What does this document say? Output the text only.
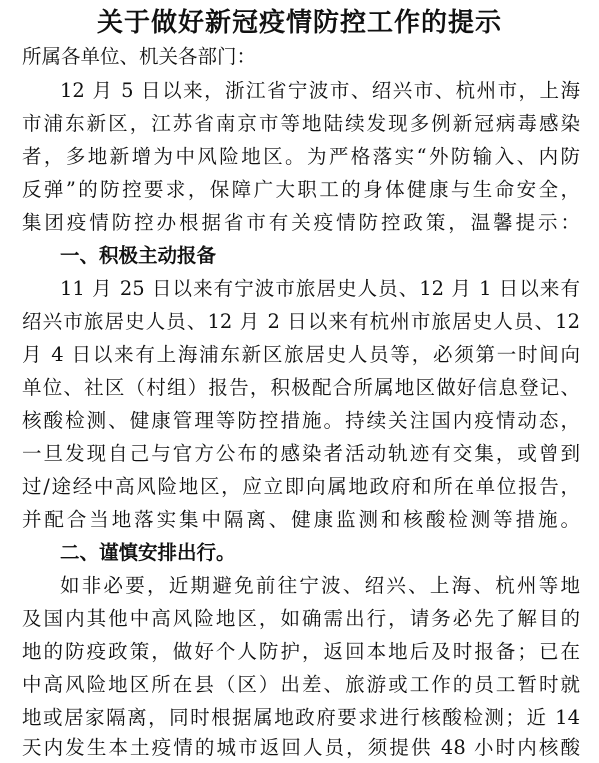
关于做好新冠疫情防控工作的提示
所属各单位、机关各部门：
12 月 5 日以来，浙江省宁波市、绍兴市、杭州市，上海
市浦东新区，江苏省南京市等地陆续发现多例新冠病毒感染
者，多地新增为中风险地区。为严格落实“外防输入、内防
反弹”的防控要求，保障广大职工的身体健康与生命安全，
集团疫情防控办根据省市有关疫情防控政策，温馨提示：
一、积极主动报备
11 月 25 日以来有宁波市旅居史人员、12 月 1 日以来有
绍兴市旅居史人员、12 月 2 日以来有杭州市旅居史人员、12
月 4 日以来有上海浦东新区旅居史人员等，必须第一时间向
单位、社区（村组）报告，积极配合所属地区做好信息登记、
核酸检测、健康管理等防控措施。持续关注国内疫情动态，
一旦发现自己与官方公布的感染者活动轨迹有交集，或曾到
过/途经中高风险地区，应立即向属地政府和所在单位报告，
并配合当地落实集中隔离、健康监测和核酸检测等措施。
二、谨慎安排出行。
如非必要，近期避免前往宁波、绍兴、上海、杭州等地
及国内其他中高风险地区，如确需出行，请务必先了解目的
地的防疫政策，做好个人防护，返回本地后及时报备；已在
中高风险地区所在县（区）出差、旅游或工作的员工暂时就
地或居家隔离，同时根据属地政府要求进行核酸检测；近 14
天内发生本土疫情的城市返回人员，须提供 48 小时内核酸
